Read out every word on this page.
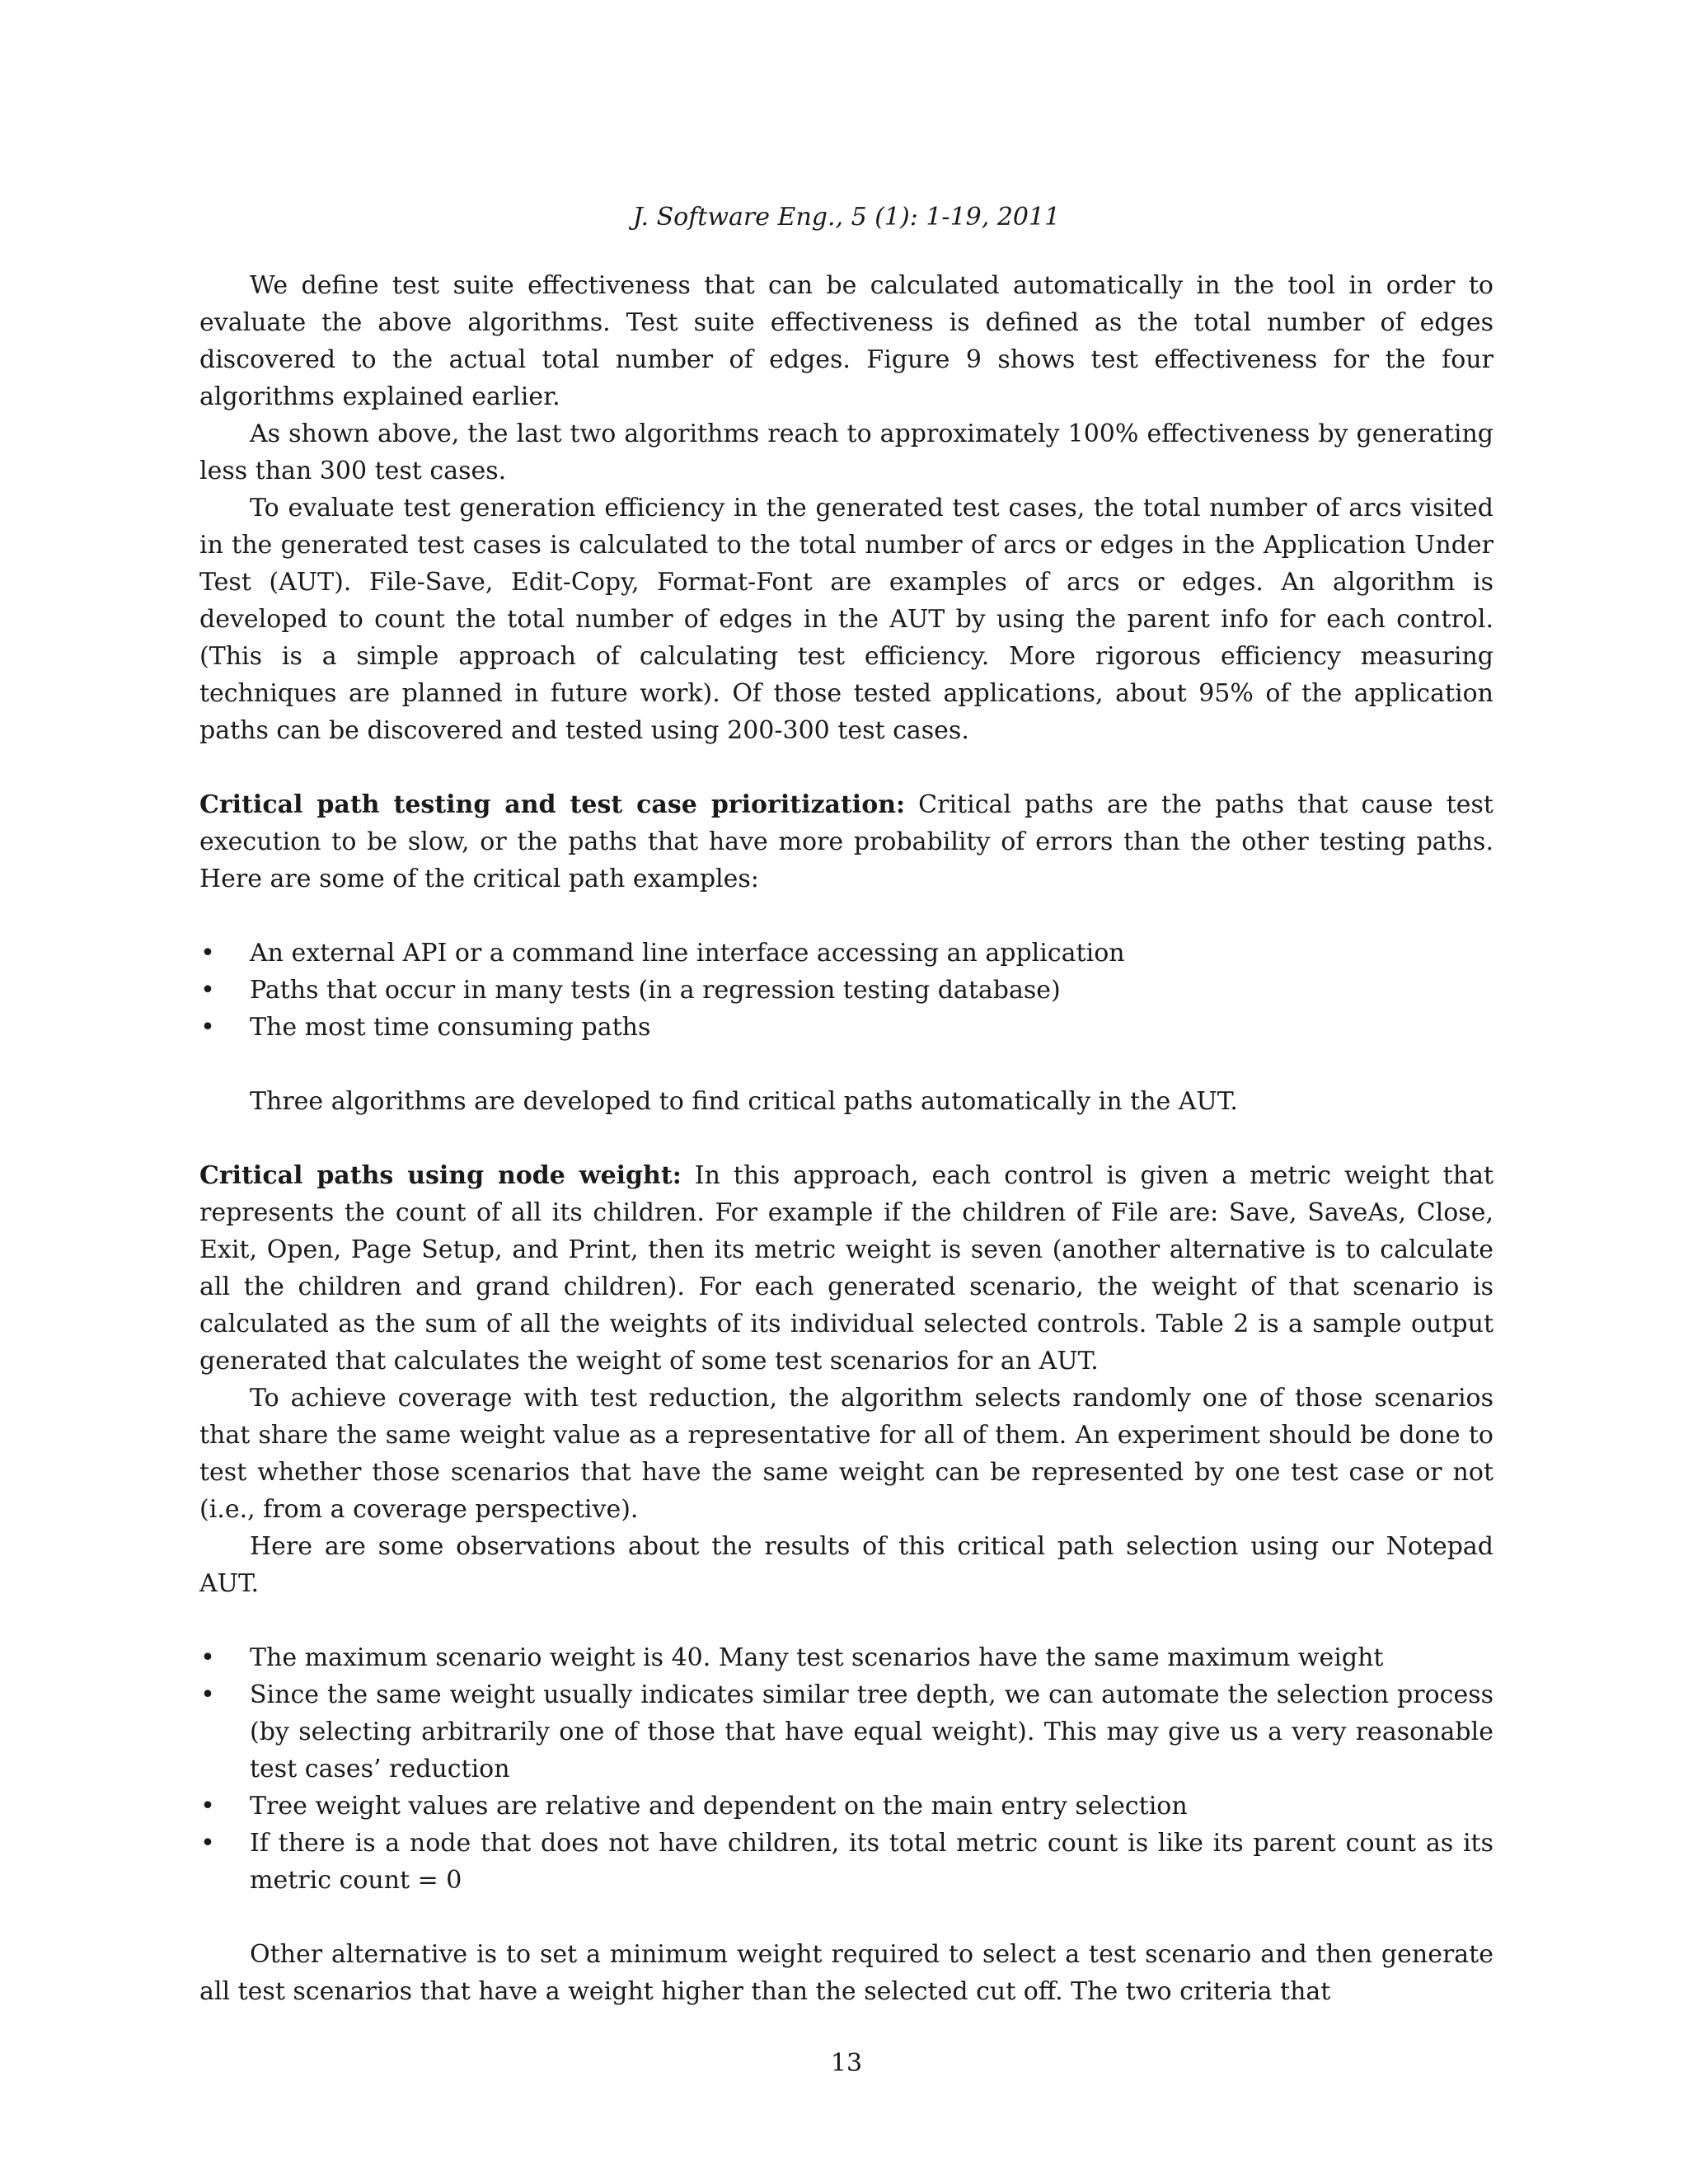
J. Software Eng., 5 (1): 1-19, 2011

We define test suite effectiveness that can be calculated automatically in the tool in order to evaluate the above algorithms. Test suite effectiveness is defined as the total number of edges discovered to the actual total number of edges. Figure 9 shows test effectiveness for the four algorithms explained earlier.

As shown above, the last two algorithms reach to approximately 100% effectiveness by generating less than 300 test cases.

To evaluate test generation efficiency in the generated test cases, the total number of arcs visited in the generated test cases is calculated to the total number of arcs or edges in the Application Under Test (AUT). File-Save, Edit-Copy, Format-Font are examples of arcs or edges. An algorithm is developed to count the total number of edges in the AUT by using the parent info for each control. (This is a simple approach of calculating test efficiency. More rigorous efficiency measuring techniques are planned in future work). Of those tested applications, about 95% of the application paths can be discovered and tested using 200-300 test cases.

Critical path testing and test case prioritization: Critical paths are the paths that cause test execution to be slow, or the paths that have more probability of errors than the other testing paths. Here are some of the critical path examples:

• An external API or a command line interface accessing an application
• Paths that occur in many tests (in a regression testing database)
• The most time consuming paths

Three algorithms are developed to find critical paths automatically in the AUT.

Critical paths using node weight: In this approach, each control is given a metric weight that represents the count of all its children. For example if the children of File are: Save, SaveAs, Close, Exit, Open, Page Setup, and Print, then its metric weight is seven (another alternative is to calculate all the children and grand children). For each generated scenario, the weight of that scenario is calculated as the sum of all the weights of its individual selected controls. Table 2 is a sample output generated that calculates the weight of some test scenarios for an AUT.

To achieve coverage with test reduction, the algorithm selects randomly one of those scenarios that share the same weight value as a representative for all of them. An experiment should be done to test whether those scenarios that have the same weight can be represented by one test case or not (i.e., from a coverage perspective).

Here are some observations about the results of this critical path selection using our Notepad AUT.

• The maximum scenario weight is 40. Many test scenarios have the same maximum weight
• Since the same weight usually indicates similar tree depth, we can automate the selection process (by selecting arbitrarily one of those that have equal weight). This may give us a very reasonable test cases’ reduction
• Tree weight values are relative and dependent on the main entry selection
• If there is a node that does not have children, its total metric count is like its parent count as its metric count = 0

Other alternative is to set a minimum weight required to select a test scenario and then generate all test scenarios that have a weight higher than the selected cut off. The two criteria that

13
